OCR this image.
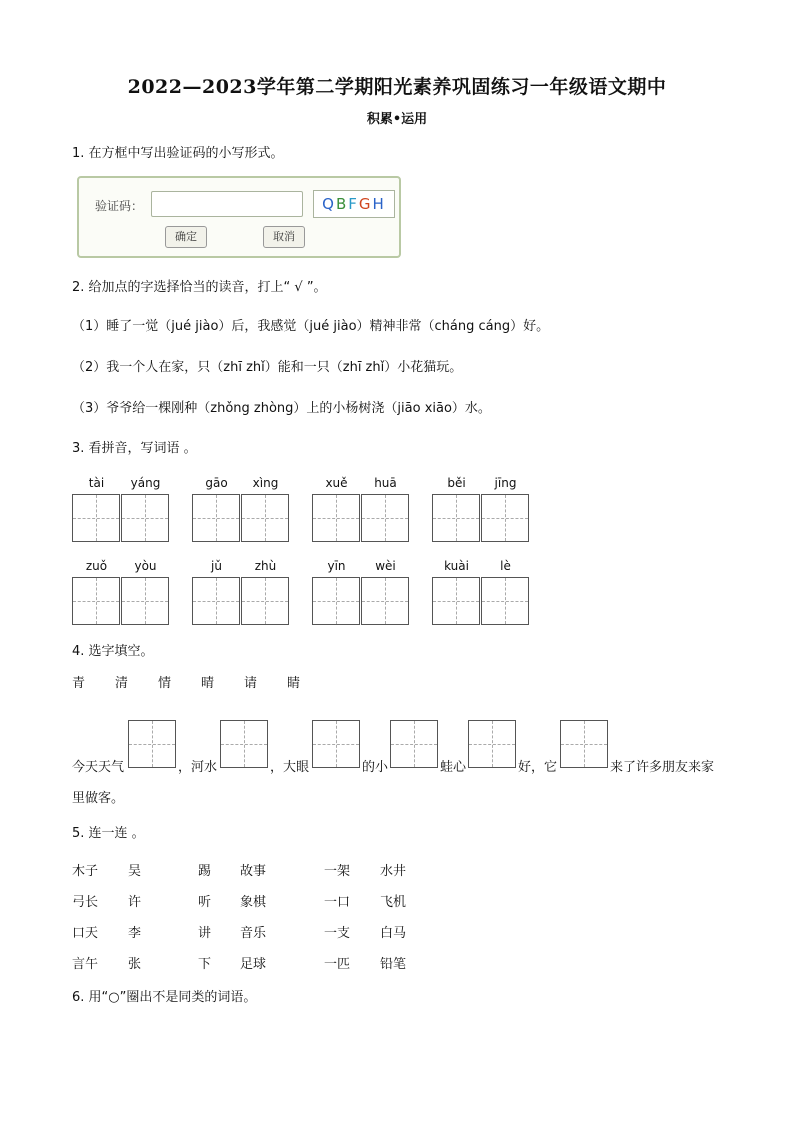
2022—2023学年第二学期阳光素养巩固练习一年级语文期中
积累•运用
1. 在方框中写出验证码的小写形式。
验证码：	QBFGH
确定	取消
2. 给加点的字选择恰当的读音，打上“ √ ”。
（1）睡了一觉（jué jiào）后，我感觉（jué jiào）精神非常（cháng cáng）好。
（2）我一个人在家，只（zhī zhǐ）能和一只（zhī zhǐ）小花猫玩。
（3）爷爷给一棵刚种（zhǒng zhòng）上的小杨树浇（jiāo xiāo）水。
3. 看拼音，写词语 。
tài	yáng	gāo	xìng	xuě	huā	běi	jīng
zuǒ	yòu	jǔ	zhù	yīn	wèi	kuài	lè
4. 选字填空。
青 清 情 晴 请 睛
今天天气	，河水	，大眼	的小	蛙心	好，它	来了许多朋友来家
里做客。
5. 连一连 。
木子 吴	踢 故事	一架 水井
弓长 许	听 象棋	一口 飞机
口天 李	讲 音乐	一支 白马
言午 张	下 足球	一匹 铅笔
6. 用“○”圈出不是同类的词语。
